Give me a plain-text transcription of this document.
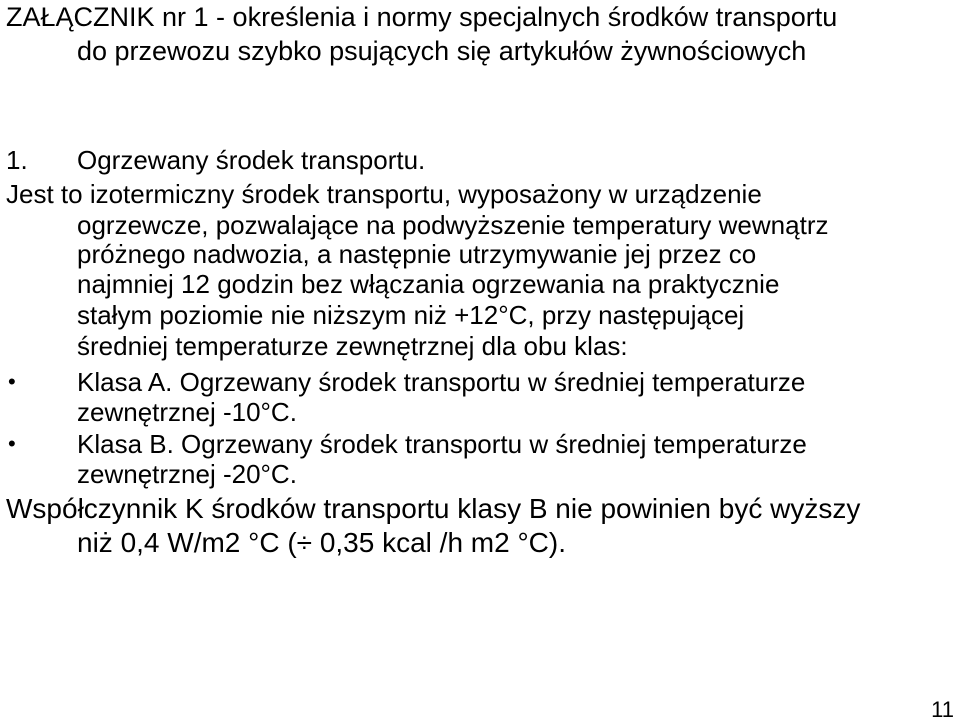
ZAŁĄCZNIK nr 1 - określenia i normy specjalnych środków transportu
do przewozu szybko psujących się artykułów żywnościowych
1. Ogrzewany środek transportu.
Jest to izotermiczny środek transportu, wyposażony w urządzenie
ogrzewcze, pozwalające na podwyższenie temperatury wewnątrz
próżnego nadwozia, a następnie utrzymywanie jej przez co
najmniej 12 godzin bez włączania ogrzewania na praktycznie
stałym poziomie nie niższym niż +12°C, przy następującej
średniej temperaturze zewnętrznej dla obu klas:
• Klasa A. Ogrzewany środek transportu w średniej temperaturze
zewnętrznej -10°C.
• Klasa B. Ogrzewany środek transportu w średniej temperaturze
zewnętrznej -20°C.
Współczynnik K środków transportu klasy B nie powinien być wyższy
niż 0,4 W/m2 °C (÷ 0,35 kcal /h m2 °C).
11
